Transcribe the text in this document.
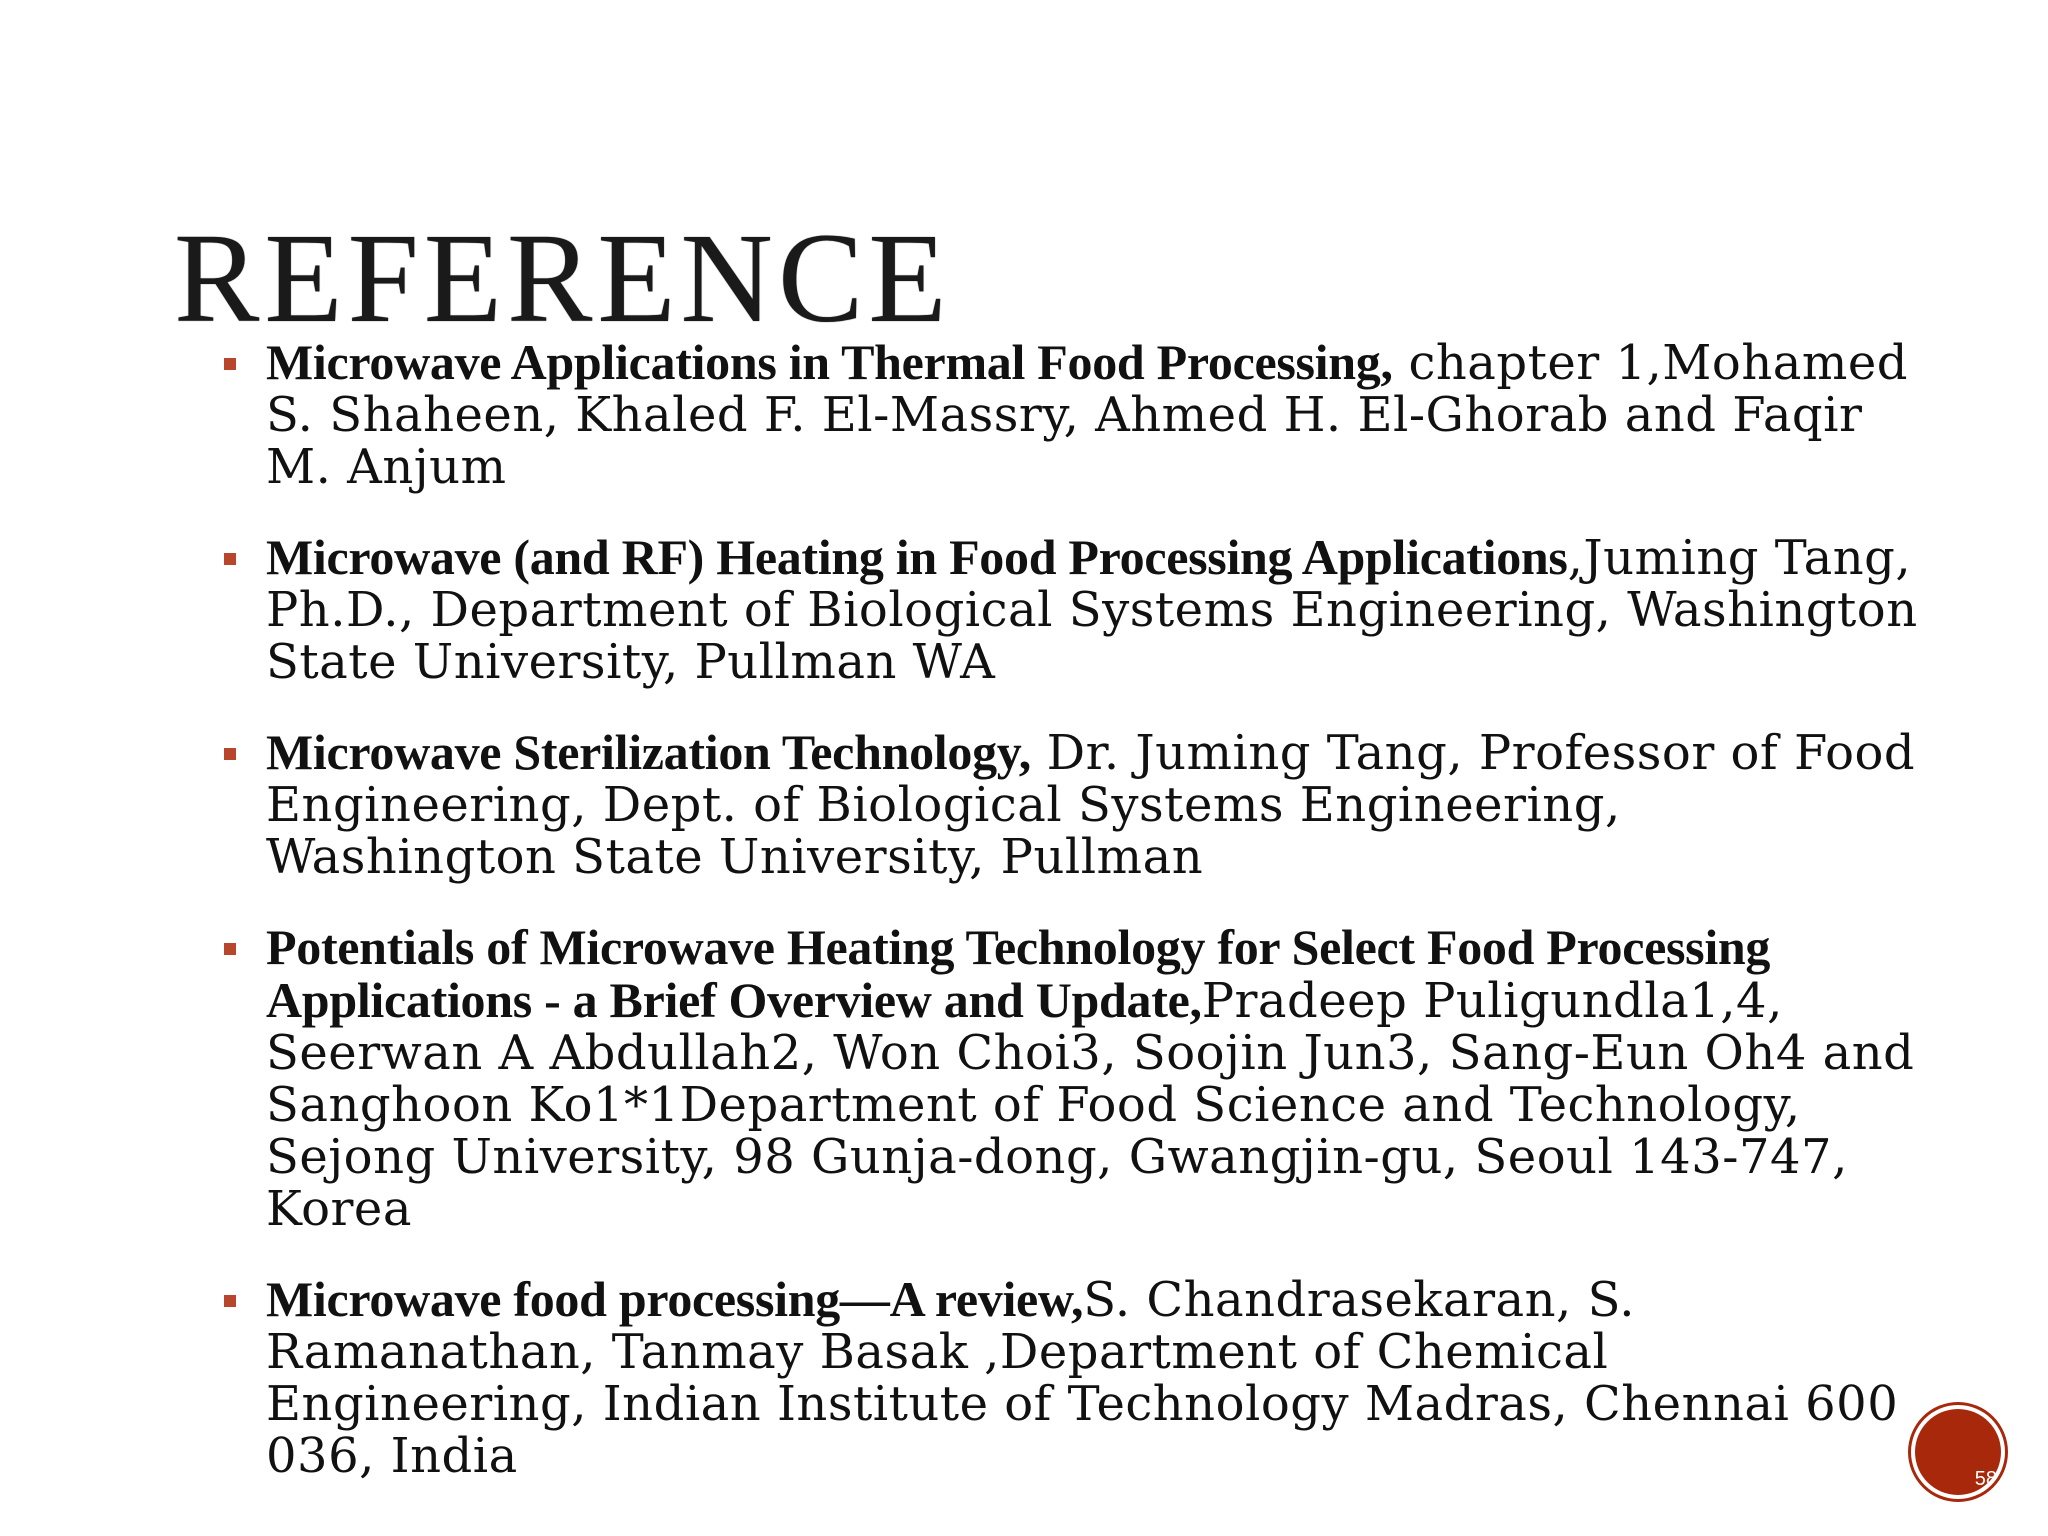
REFERENCE
Microwave Applications in Thermal Food Processing, chapter 1,Mohamed S. Shaheen, Khaled F. El-Massry, Ahmed H. El-Ghorab and Faqir M. Anjum
Microwave (and RF) Heating in Food Processing Applications,Juming Tang, Ph.D., Department of Biological Systems Engineering, Washington State University, Pullman WA
Microwave Sterilization Technology, Dr. Juming Tang, Professor of Food Engineering, Dept. of Biological Systems Engineering, Washington State University, Pullman
Potentials of Microwave Heating Technology for Select Food Processing Applications - a Brief Overview and Update,Pradeep Puligundla1,4, Seerwan A Abdullah2, Won Choi3, Soojin Jun3, Sang-Eun Oh4 and Sanghoon Ko1*1Department of Food Science and Technology, Sejong University, 98 Gunja-dong, Gwangjin-gu, Seoul 143-747, Korea
Microwave food processing—A review,S. Chandrasekaran, S. Ramanathan, Tanmay Basak ,Department of Chemical Engineering, Indian Institute of Technology Madras, Chennai 600 036, India	58
